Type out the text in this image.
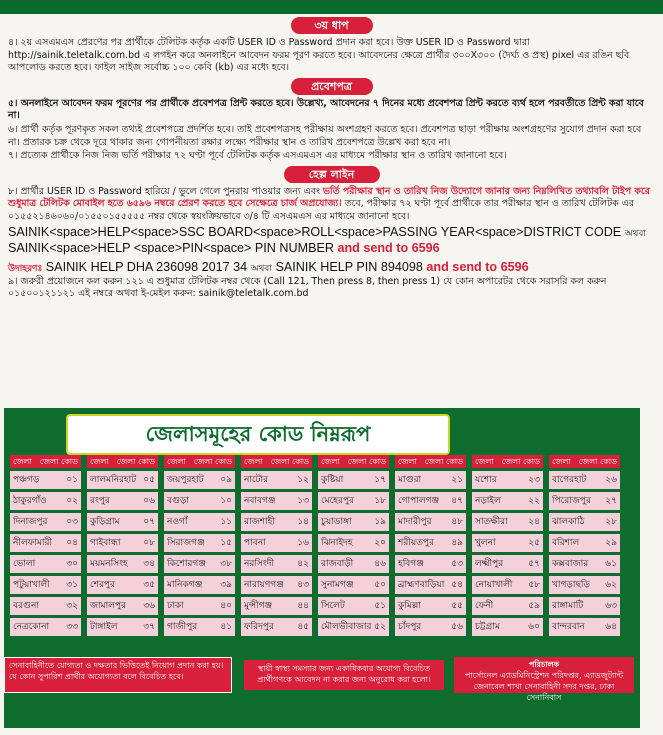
৩য় ধাপ

৪। ২য় এসএমএস প্রেরণের পর প্রার্থীকে টেলিটক কর্তৃক একটি USER ID ও Password প্রদান করা হবে। উক্ত USER ID ও Password দ্বারা http://sainik.teletalk.com.bd এ লগইন করে অনলাইনে আবেদন ফরম পূরণ করতে হবে। আবেদনের ক্ষেত্রে প্রার্থীর ৩০০X৩০০ (দৈর্ঘ্য ও প্রস্থ) pixel এর রঙিন ছবি আপলোড করতে হবে। ফাইল সাইজ সর্বোচ্চ ১০০ কেবি (kb) এর মধ্যে হবে।

প্রবেশপত্র

৫। অনলাইনে আবেদন ফরম পূরণের পর প্রার্থীকে প্রবেশপত্র প্রিন্ট করতে হবে। উল্লেখ্য, আবেদনের ৭ দিনের মধ্যে প্রবেশপত্র প্রিন্ট করতে ব্যর্থ হলে পরবর্তীতে প্রিন্ট করা যাবে না।

৬। প্রার্থী কর্তৃক পূরণকৃত সকল তথ্যই প্রবেশপত্রে প্রদর্শিত হবে। তাই প্রবেশপত্রসহ পরীক্ষায় অংশগ্রহণ করতে হবে। প্রবেশপত্র ছাড়া পরীক্ষায় অংশগ্রহণের সুযোগ প্রদান করা হবে না। প্রতারক চক্র থেকে দূরে থাকার জন্য গোপনীয়তা রক্ষার লক্ষ্যে পরীক্ষার স্থান ও তারিখ প্রবেশপত্রে উল্লেখ করা হবে না।

৭। প্রত্যেক প্রার্থীকে নিজ নিজ ভর্তি পরীক্ষার ৭২ ঘণ্টা পূর্বে টেলিটক কর্তৃক এসএমএস এর মাধ্যমে পরীক্ষার স্থান ও তারিখ জানানো হবে।

হেল্প লাইন

৮। প্রার্থীর USER ID ও Password হারিয়ে / ভুলে গেলে পুনরায় পাওয়ার জন্য এবং ভর্তি পরীক্ষার স্থান ও তারিখ নিজ উদ্যোগে জানার জন্য নিম্নলিখিত তথ্যাবলি টাইপ করে শুধুমাত্র টেলিটক মোবাইল হতে ৬৫৯৬ নম্বরে প্রেরণ করতে হবে সেক্ষেত্রে চার্জ অপ্রযোজ্য। তবে, পরীক্ষার ৭২ ঘণ্টা পূর্বে প্রার্থীকে তার পরীক্ষার স্থান ও তারিখ টেলিটক এর ০১৫৫২১৪৬০৬০/০১৫৫০১৫৫৫৫৫ নম্বর থেকে স্বয়ংক্রিয়ভাবে ৩/৪ টি এসএমএস এর মাধ্যমে জানানো হবে।

SAINIK<space>HELP<space>SSC BOARD<space>ROLL<space>PASSING YEAR<space>DISTRICT CODE অথবা
SAINIK<space>HELP <space>PIN<space> PIN NUMBER and send to 6596
উদাহরণঃ SAINIK HELP DHA 236098 2017 34 অথবা SAINIK HELP PIN 894098 and send to 6596

৯। জরুরী প্রয়োজনে কল করুন ১২১ এ শুধুমাত্র টেলিটক নম্বর থেকে (Call 121, Then press 8, then press 1) যে কোন অপারেটর থেকে সরাসরি কল করুন ০১৫০০১২১১২১ এই নম্বরে অথবা ই-মেইল করুন: sainik@teletalk.com.bd

জেলাসমূহের কোড নিম্নরূপ
জেলা জেলা কোড জেলা জেলা কোড জেলা জেলা কোড জেলা জেলা কোড জেলা জেলা কোড জেলা জেলা কোড জেলা জেলা কোড জেলা জেলা কোড
পঞ্চগড়	০১ লালমনিরহাট ০৫ জয়পুরহাট ০৯ নাটোর	১২ কুষ্টিয়া	১৭ মাগুরা	২১ যশোর	২৩ বাগেরহাট ২৬
ঠাকুরগাঁও ০২ রংপুর	০৬ বগুড়া	১০ নবাবগঞ্জ ১৩ মেহেরপুর ১৮ গোপালগঞ্জ ৪৭ নড়াইল	২২ পিরোজপুর ২৭
দিনাজপুর ০৩ কুড়িগ্রাম	০৭ নওগাঁ	১১ রাজশাহী ১৪ চুয়াডাঙ্গা	১৯ মাদারীপুর ৪৮ সাতক্ষীরা ২৪ ঝালকাঠি ২৮
নীলফামারী ০৪ গাইবান্ধা	০৮ সিরাজগঞ্জ ১৫ পাবনা	১৬ ঝিনাইদহ ২০ শরীয়তপুর ৪৯ খুলনা	২৫ বরিশাল	২৯
ভোলা	৩০ ময়মনসিংহ ৩৪ কিশোরগঞ্জ ৩৮ নরসিংদী	৪২ রাজবাড়ী ৪৬ হবিগঞ্জ	৫৩ লক্ষ্মীপুর	৫৭ কক্সবাজার ৬১
পটুয়াখালী ৩১ শেরপুর	৩৫ মানিকগঞ্জ ৩৯ নারায়ণগঞ্জ ৪৩ সুনামগঞ্জ ৫০ ব্রাহ্মণবাড়িয়া ৫৪ নোয়াখালী ৫৮ খাগড়াছড়ি ৬২
বরগুনা	৩২ জামালপুর ৩৬ ঢাকা	৪০ মুন্সীগঞ্জ	৪৪ সিলেট	৫১ কুমিল্লা	৫৫ ফেনী	৫৯ রাঙ্গামাটি ৬৩
নেত্রকোনা ৩৩ টাঙ্গাইল	৩৭ গাজীপুর	৪১ ফরিদপুর	৪৫ মৌলভীবাজার ৫২ চাঁদপুর	৫৬ চট্টগ্রাম	৬০ বান্দরবান ৬৪
সেনাবাহিনীতে যোগ্যতা ও দক্ষতার ভিত্তিতেই নিয়োগ প্রদান করা হয়। যে কোন সুপারিশ প্রার্থীর অযোগ্যতা বলে বিবেচিত হবে।
স্থায়ী স্বাস্থ্য সমস্যার জন্য একাধিকবার অযোগ্য বিবেচিত প্রার্থীগণকে আবেদন না করার জন্য অনুরোধ করা হলো।
পরিচালক
পার্সোনেল এ্যাডমিনিস্ট্রেশন পরিদপ্তর, এ্যাডজুট্যান্ট জেনারেল শাখা সেনাবাহিনী সদর দপ্তর, ঢাকা সেনানিবাস
